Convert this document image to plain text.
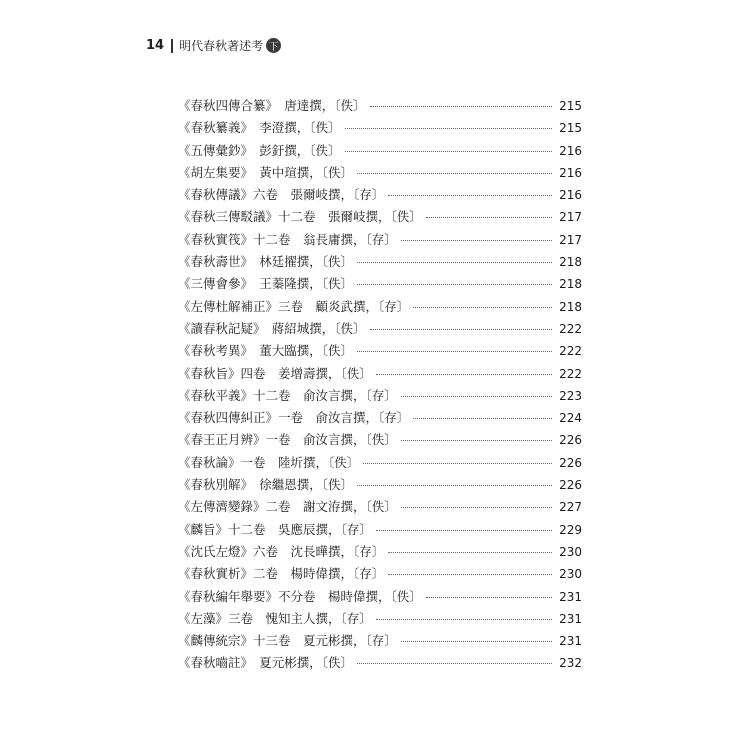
14 明代春秋著述考 下
《春秋四傳合纂》　唐達撰，〔佚〕	215
《春秋纂義》　李澄撰，〔佚〕	215
《五傳彙鈔》　彭釪撰，〔佚〕	216
《胡左集要》　黃中瑄撰，〔佚〕	216
《春秋傳議》六卷　張爾岐撰，〔存〕	216
《春秋三傳駁議》十二卷　張爾岐撰，〔佚〕	217
《春秋實筏》十二卷　翁長庸撰，〔存〕	217
《春秋壽世》　林廷擢撰，〔佚〕	218
《三傳會參》　王蓁隆撰，〔佚〕	218
《左傳杜解補正》三卷　顧炎武撰，〔存〕	218
《讀春秋記疑》　蔣紹城撰，〔佚〕	222
《春秋考異》　董大臨撰，〔佚〕	222
《春秋旨》四卷　姜增壽撰，〔佚〕	222
《春秋平義》十二卷　俞汝言撰，〔存〕	223
《春秋四傳糾正》一卷　俞汝言撰，〔存〕	224
《春王正月辨》一卷　俞汝言撰，〔佚〕	226
《春秋論》一卷　陸圻撰，〔佚〕	226
《春秋別解》　徐繼恩撰，〔佚〕	226
《左傳濟變錄》二卷　謝文洊撰，〔佚〕	227
《麟旨》十二卷　吳應辰撰，〔存〕	229
《沈氏左燈》六卷　沈長曄撰，〔存〕	230
《春秋實析》二卷　楊時偉撰，〔存〕	230
《春秋編年舉要》不分卷　楊時偉撰，〔佚〕	231
《左藻》三卷　愧知主人撰，〔存〕	231
《麟傳統宗》十三卷　夏元彬撰，〔存〕	231
《春秋嚙註》　夏元彬撰，〔佚〕	232
